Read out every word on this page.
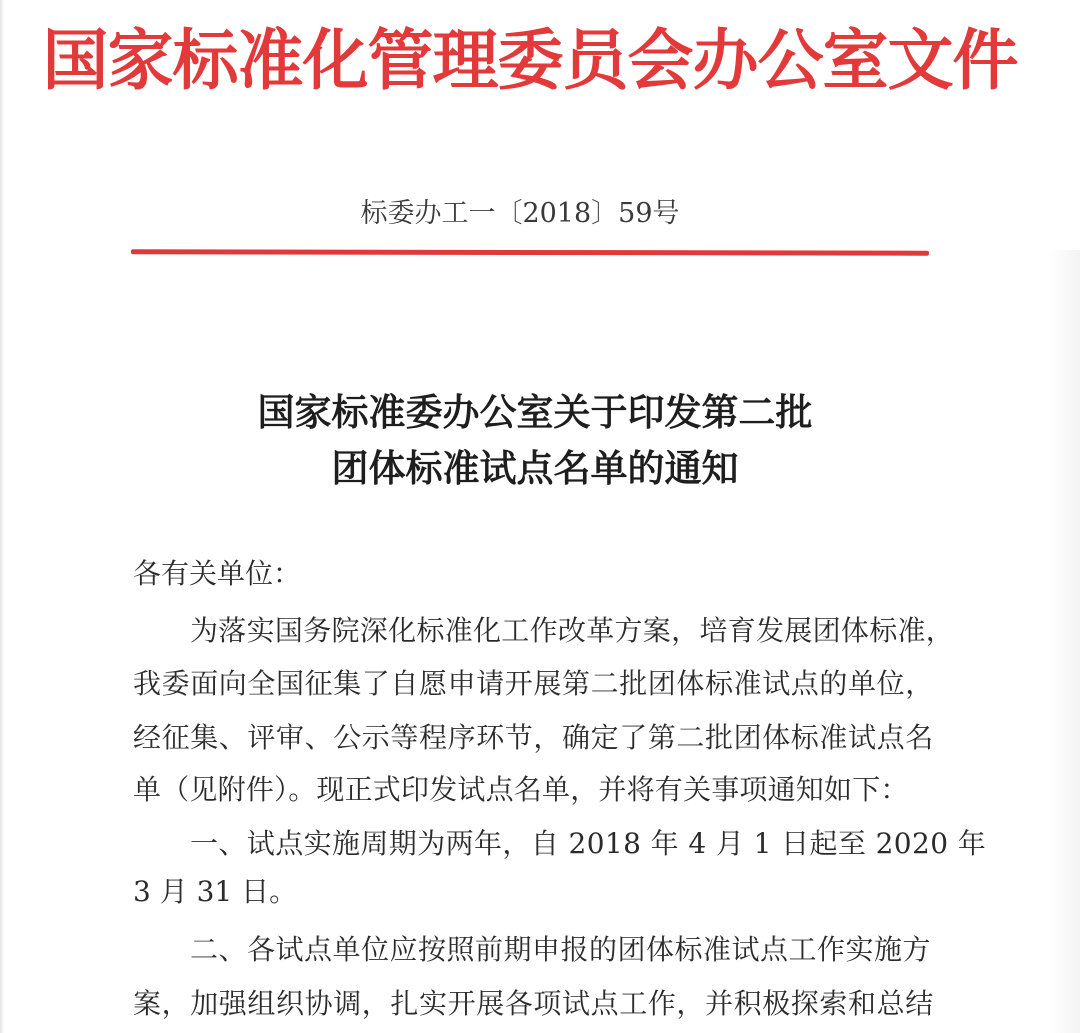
国家标准化管理委员会办公室文件
标委办工一〔2018〕59号
国家标准委办公室关于印发第二批
团体标准试点名单的通知
各有关单位：
为落实国务院深化标准化工作改革方案，培育发展团体标准，
我委面向全国征集了自愿申请开展第二批团体标准试点的单位，
经征集、评审、公示等程序环节，确定了第二批团体标准试点名
单（见附件）。现正式印发试点名单，并将有关事项通知如下：
一、试点实施周期为两年，自 2018 年 4 月 1 日起至 2020 年
3 月 31 日。
二、各试点单位应按照前期申报的团体标准试点工作实施方
案，加强组织协调，扎实开展各项试点工作，并积极探索和总结
